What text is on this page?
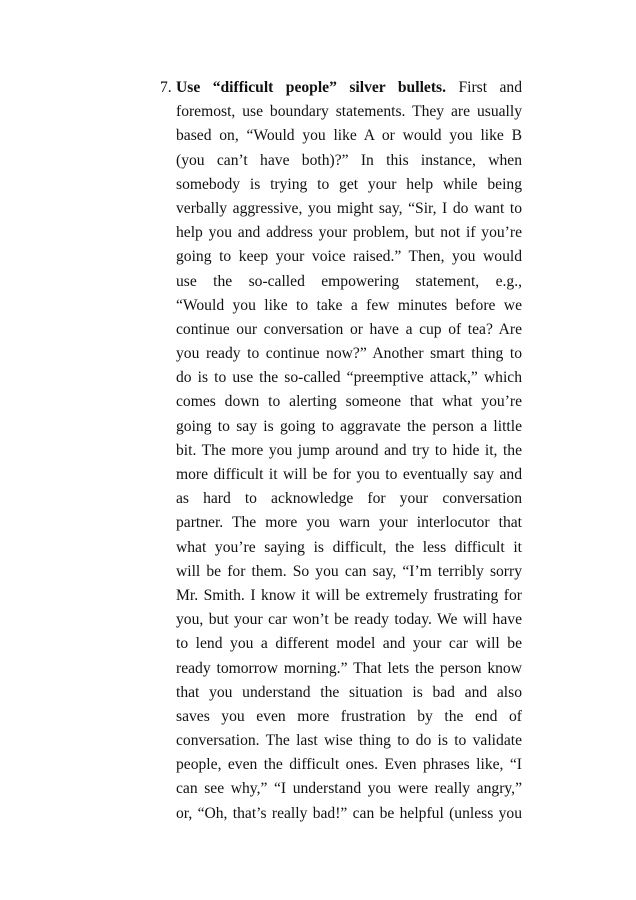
7. Use “difficult people” silver bullets. First and
foremost, use boundary statements. They are usually
based on, “Would you like A or would you like B
(you can’t have both)?” In this instance, when
somebody is trying to get your help while being
verbally aggressive, you might say, “Sir, I do want to
help you and address your problem, but not if you’re
going to keep your voice raised.” Then, you would
use the so-called empowering statement, e.g.,
“Would you like to take a few minutes before we
continue our conversation or have a cup of tea? Are
you ready to continue now?” Another smart thing to
do is to use the so-called “preemptive attack,” which
comes down to alerting someone that what you’re
going to say is going to aggravate the person a little
bit. The more you jump around and try to hide it, the
more difficult it will be for you to eventually say and
as hard to acknowledge for your conversation
partner. The more you warn your interlocutor that
what you’re saying is difficult, the less difficult it
will be for them. So you can say, “I’m terribly sorry
Mr. Smith. I know it will be extremely frustrating for
you, but your car won’t be ready today. We will have
to lend you a different model and your car will be
ready tomorrow morning.” That lets the person know
that you understand the situation is bad and also
saves you even more frustration by the end of
conversation. The last wise thing to do is to validate
people, even the difficult ones. Even phrases like, “I
can see why,” “I understand you were really angry,”
or, “Oh, that’s really bad!” can be helpful (unless you
